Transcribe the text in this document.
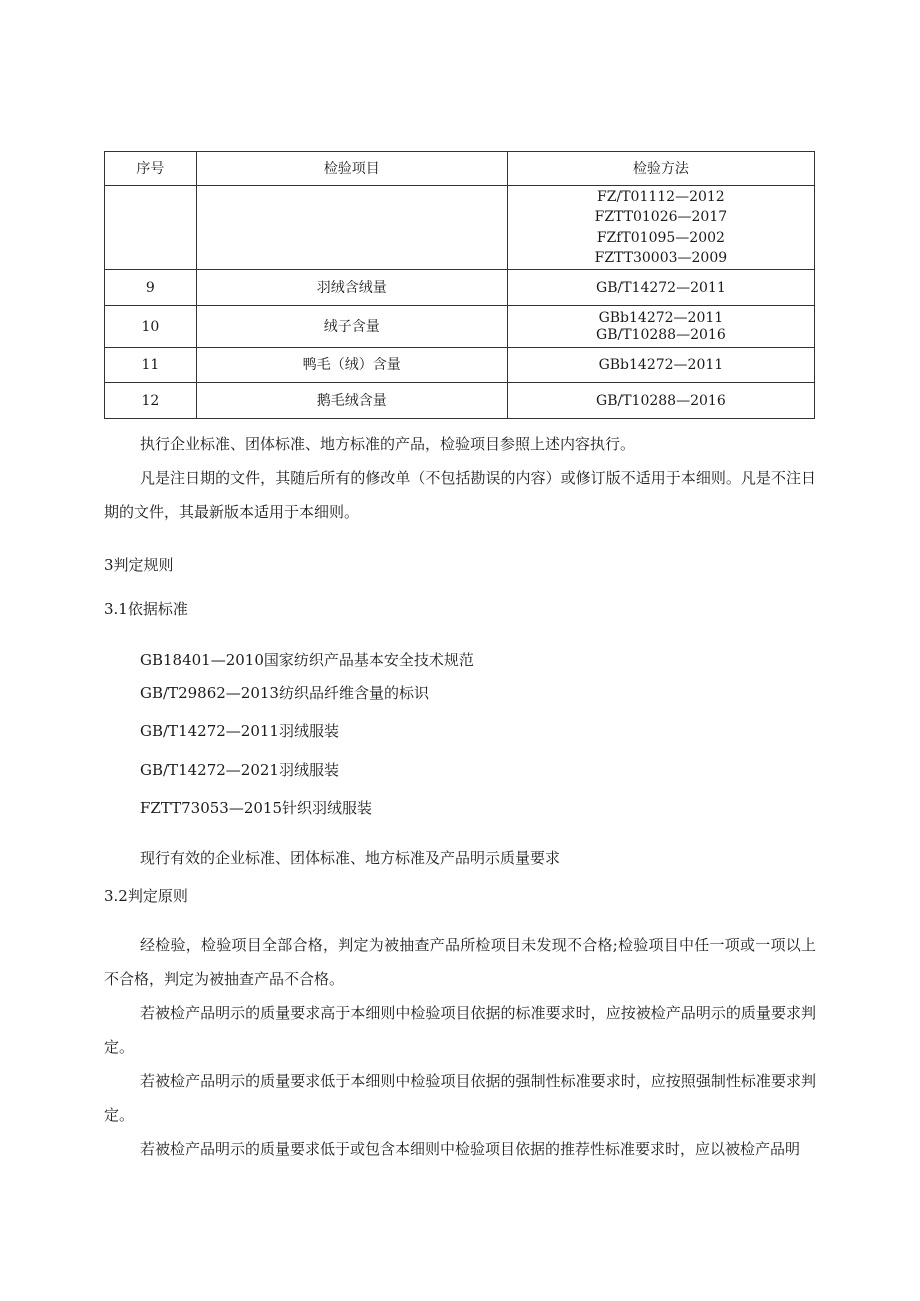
序号	检验项目	检验方法

		FZ/T01112—2012
FZTT01026—2017
FZfT01095—2002
FZTT30003—2009

9	羽绒含绒量	GB/T14272—2011

10	绒子含量	GBb14272—2011
GB/T10288—2016

11	鸭毛（绒）含量	GBb14272—2011

12	鹅毛绒含量	GB/T10288—2016
执行企业标准、团体标准、地方标准的产品，检验项目参照上述内容执行。
凡是注日期的文件，其随后所有的修改单（不包括勘误的内容）或修订版不适用于本细则。凡是不注日期的文件，其最新版本适用于本细则。
3判定规则
3.1依据标准
GB18401—2010国家纺织产品基本安全技术规范
GB/T29862—2013纺织品纤维含量的标识
GB/T14272—2011羽绒服装
GB/T14272—2021羽绒服装
FZTT73053—2015针织羽绒服装
现行有效的企业标准、团体标准、地方标准及产品明示质量要求
3.2判定原则
经检验，检验项目全部合格，判定为被抽查产品所检项目未发现不合格;检验项目中任一项或一项以上不合格，判定为被抽查产品不合格。
若被检产品明示的质量要求高于本细则中检验项目依据的标准要求时，应按被检产品明示的质量要求判定。
若被检产品明示的质量要求低于本细则中检验项目依据的强制性标准要求时，应按照强制性标准要求判定。
若被检产品明示的质量要求低于或包含本细则中检验项目依据的推荐性标准要求时，应以被检产品明
